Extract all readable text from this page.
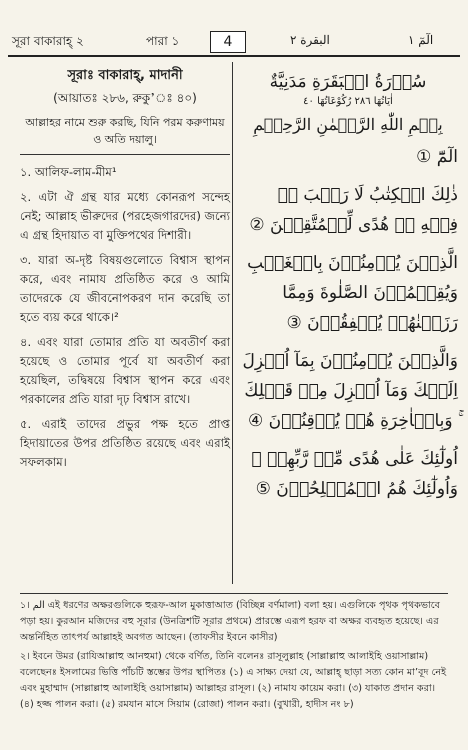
সূরা বাকারাহ্ ২	পারা ১	4	البقرة ٢	الٓمٓ ١
সূরাঃ বাকারাহ্, মাদানী
(আয়াতঃ ২৮৬, রুকু’ঃ ৪০)
আল্লাহর নামে শুরু করছি, যিনি পরম করুণাময় ও অতি দয়ালু।
১. আলিফ-লাম-মীম¹
২. এটা ঐ গ্রন্থ যার মধ্যে কোনরূপ সন্দেহ নেই; আল্লাহ ভীরুদের (পরহেজগারদের) জন্যে এ গ্রন্থ হিদায়াত বা মুক্তিপথের দিশারী।
৩. যারা অ-দৃষ্ট বিষয়গুলোতে বিশ্বাস স্থাপন করে, এবং নামায প্রতিষ্ঠিত করে ও আমি তাদেরকে যে জীবনোপকরণ দান করেছি তা হতে ব্যয় করে থাকে।²
৪. এবং যারা তোমার প্রতি যা অবতীর্ণ করা হয়েছে ও তোমার পূর্বে যা অবতীর্ণ করা হয়েছিল, তদ্বিষয়ে বিশ্বাস স্থাপন করে এবং পরকালের প্রতি যারা দৃঢ় বিশ্বাস রাখে।
৫. এরাই তাদের প্রভুর পক্ষ হতে প্রাপ্ত হিদায়াতের উপর প্রতিষ্ঠিত রয়েছে এবং এরাই সফলকাম।
سُوۡرَةُ الۡبَقَرَةِ مَدَنِيَّةٌ
اٰيَاتُهَا ٢٨٦ رُكُوْعَاتُهَا ٤٠
بِسۡمِ اللّٰهِ الرَّحۡمٰنِ الرَّحِيۡمِ
الٓمّٓ ①
ذٰلِكَ الۡكِتٰبُ لَا رَيۡبَ ۛۚ فِيۡهِ ۛۚ هُدًى لِّلۡمُتَّقِيۡنَ ②
الَّذِيۡنَ يُؤۡمِنُوۡنَ بِالۡغَيۡبِ وَيُقِيۡمُوۡنَ الصَّلٰوةَ وَمِمَّا رَزَقۡنٰهُمۡ يُنۡفِقُوۡنَ ③
وَالَّذِيۡنَ يُؤۡمِنُوۡنَ بِمَآ اُنۡزِلَ اِلَيۡكَ وَمَآ اُنۡزِلَ مِنۡ قَبۡلِكَ ۚ وَبِالۡاٰخِرَةِ هُمۡ يُوۡقِنُوۡنَ ④
اُولٰٓئِكَ عَلٰى هُدًى مِّنۡ رَّبِّهِمۡ ۗ وَاُولٰٓئِكَ هُمُ الۡمُفۡلِحُوۡنَ ⑤

১। الم এই ধরণের অক্ষরগুলিকে হুরূফ-আল মুকাত্তাআত (বিচ্ছিন্ন বর্ণমালা) বলা হয়। এগুলিকে পৃথক পৃথকভাবে পড়া হয়। কুরআন মজিদের বহু সূরার (উনত্রিশটি সূরার প্রথমে) প্রারম্ভে এরূপ হরফ বা অক্ষর ব্যবহৃত হয়েছে। এর অন্তর্নিহিত তাৎপর্য আল্লাহই অবগত আছেন। (তাফসীর ইবনে কাসীর)

২। ইবনে উমর (রাযিআল্লাহু আনহুমা) থেকে বর্ণিত, তিনি বলেনঃ রাসূলুল্লাহ (সাল্লাল্লাহু আলাইহি ওয়াসাল্লাম) বলেছেনঃ ইসলামের ভিত্তি পাঁচটি স্তম্ভের উপর স্থাপিতঃ (১) এ সাক্ষ্য দেয়া যে, আল্লাহ্ ছাড়া সত্য কোন মা’বূদ নেই এবং মুহাম্মাদ (সাল্লাল্লাহু আলাইহি ওয়াসাল্লাম) আল্লাহর রাসূল। (২) নামায কায়েম করা। (৩) যাকাত প্রদান করা। (৪) হজ্জ পালন করা। (৫) রমযান মাসে সিয়াম (রোজা) পালন করা। (বুখারী, হাদীস নং ৮)
